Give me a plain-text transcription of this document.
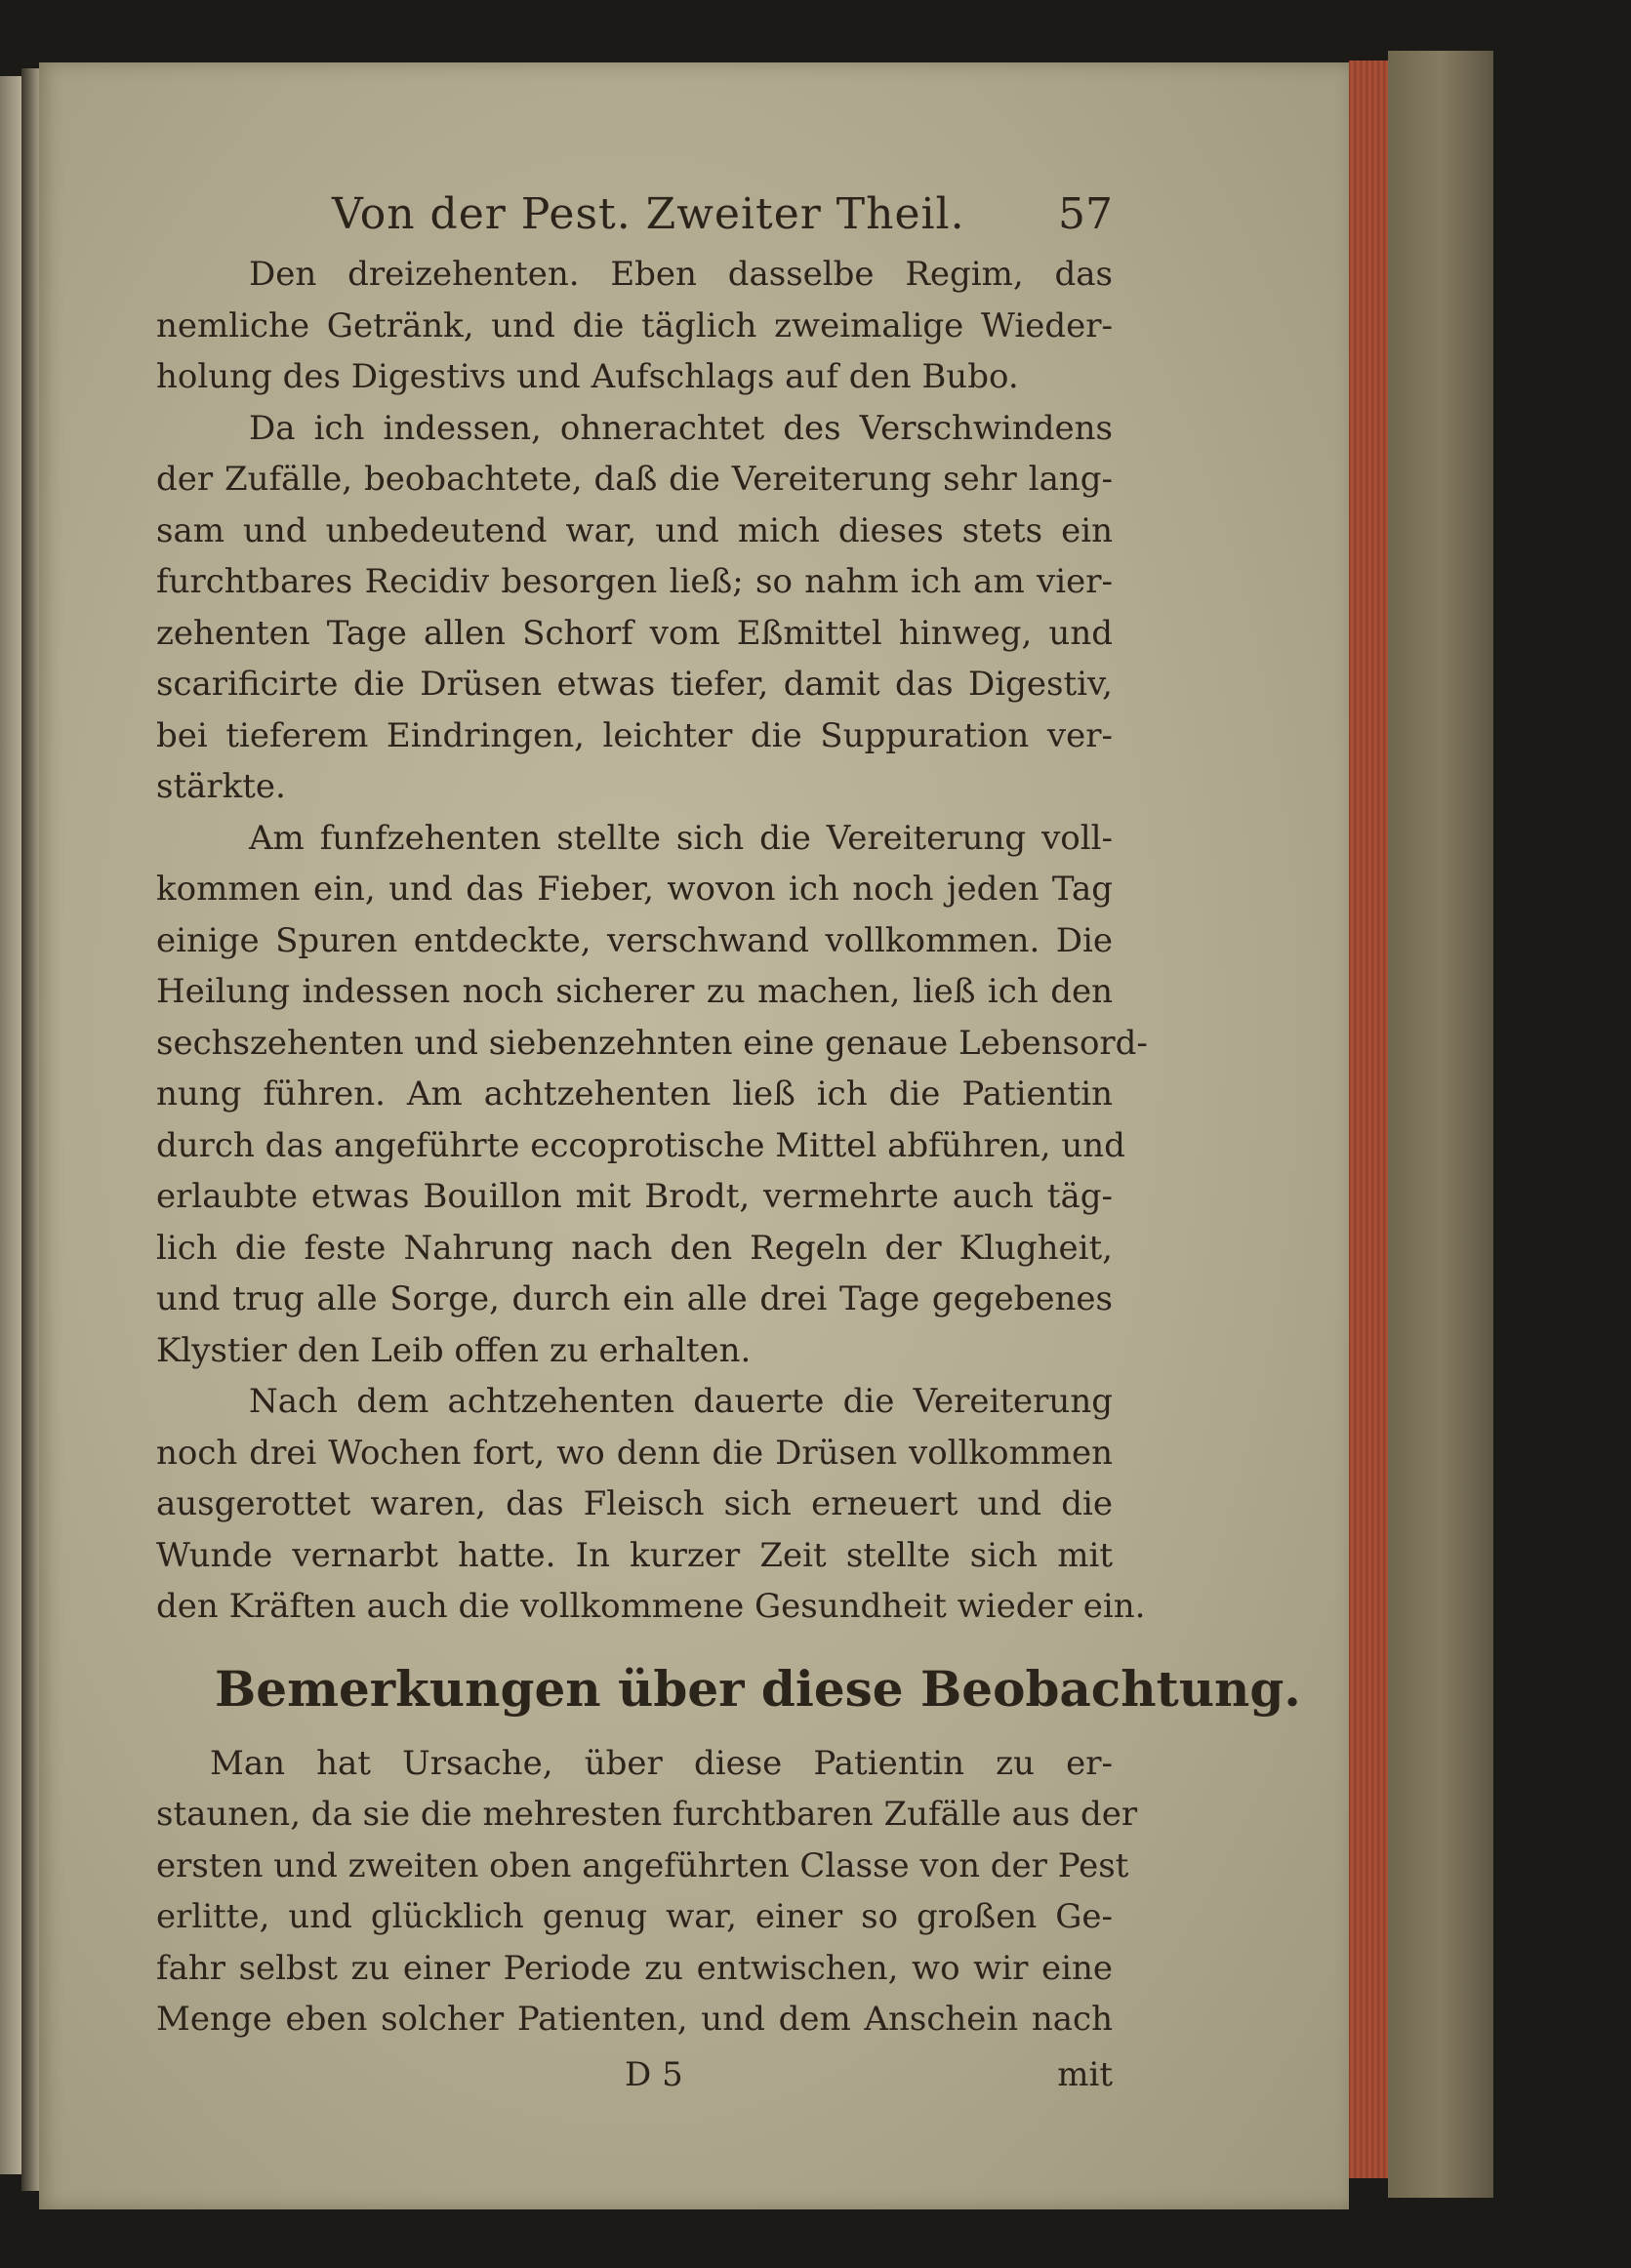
Von der Pest. Zweiter Theil. 57
Den dreizehenten. Eben dasselbe Regim, das
nemliche Getränk, und die täglich zweimalige Wieder-
holung des Digestivs und Aufschlags auf den Bubo.
Da ich indessen, ohnerachtet des Verschwindens
der Zufälle, beobachtete, daß die Vereiterung sehr lang-
sam und unbedeutend war, und mich dieses stets ein
furchtbares Recidiv besorgen ließ; so nahm ich am vier-
zehenten Tage allen Schorf vom Eßmittel hinweg, und
scarificirte die Drüsen etwas tiefer, damit das Digestiv,
bei tieferem Eindringen, leichter die Suppuration ver-
stärkte.
Am funfzehenten stellte sich die Vereiterung voll-
kommen ein, und das Fieber, wovon ich noch jeden Tag
einige Spuren entdeckte, verschwand vollkommen. Die
Heilung indessen noch sicherer zu machen, ließ ich den
sechszehenten und siebenzehnten eine genaue Lebensord-
nung führen. Am achtzehenten ließ ich die Patientin
durch das angeführte eccoprotische Mittel abführen, und
erlaubte etwas Bouillon mit Brodt, vermehrte auch täg-
lich die feste Nahrung nach den Regeln der Klugheit,
und trug alle Sorge, durch ein alle drei Tage gegebenes
Klystier den Leib offen zu erhalten.
Nach dem achtzehenten dauerte die Vereiterung
noch drei Wochen fort, wo denn die Drüsen vollkommen
ausgerottet waren, das Fleisch sich erneuert und die
Wunde vernarbt hatte. In kurzer Zeit stellte sich mit
den Kräften auch die vollkommene Gesundheit wieder ein.
Bemerkungen über diese Beobachtung.
Man hat Ursache, über diese Patientin zu er-
staunen, da sie die mehresten furchtbaren Zufälle aus der
ersten und zweiten oben angeführten Classe von der Pest
erlitte, und glücklich genug war, einer so großen Ge-
fahr selbst zu einer Periode zu entwischen, wo wir eine
Menge eben solcher Patienten, und dem Anschein nach
D 5	mit
